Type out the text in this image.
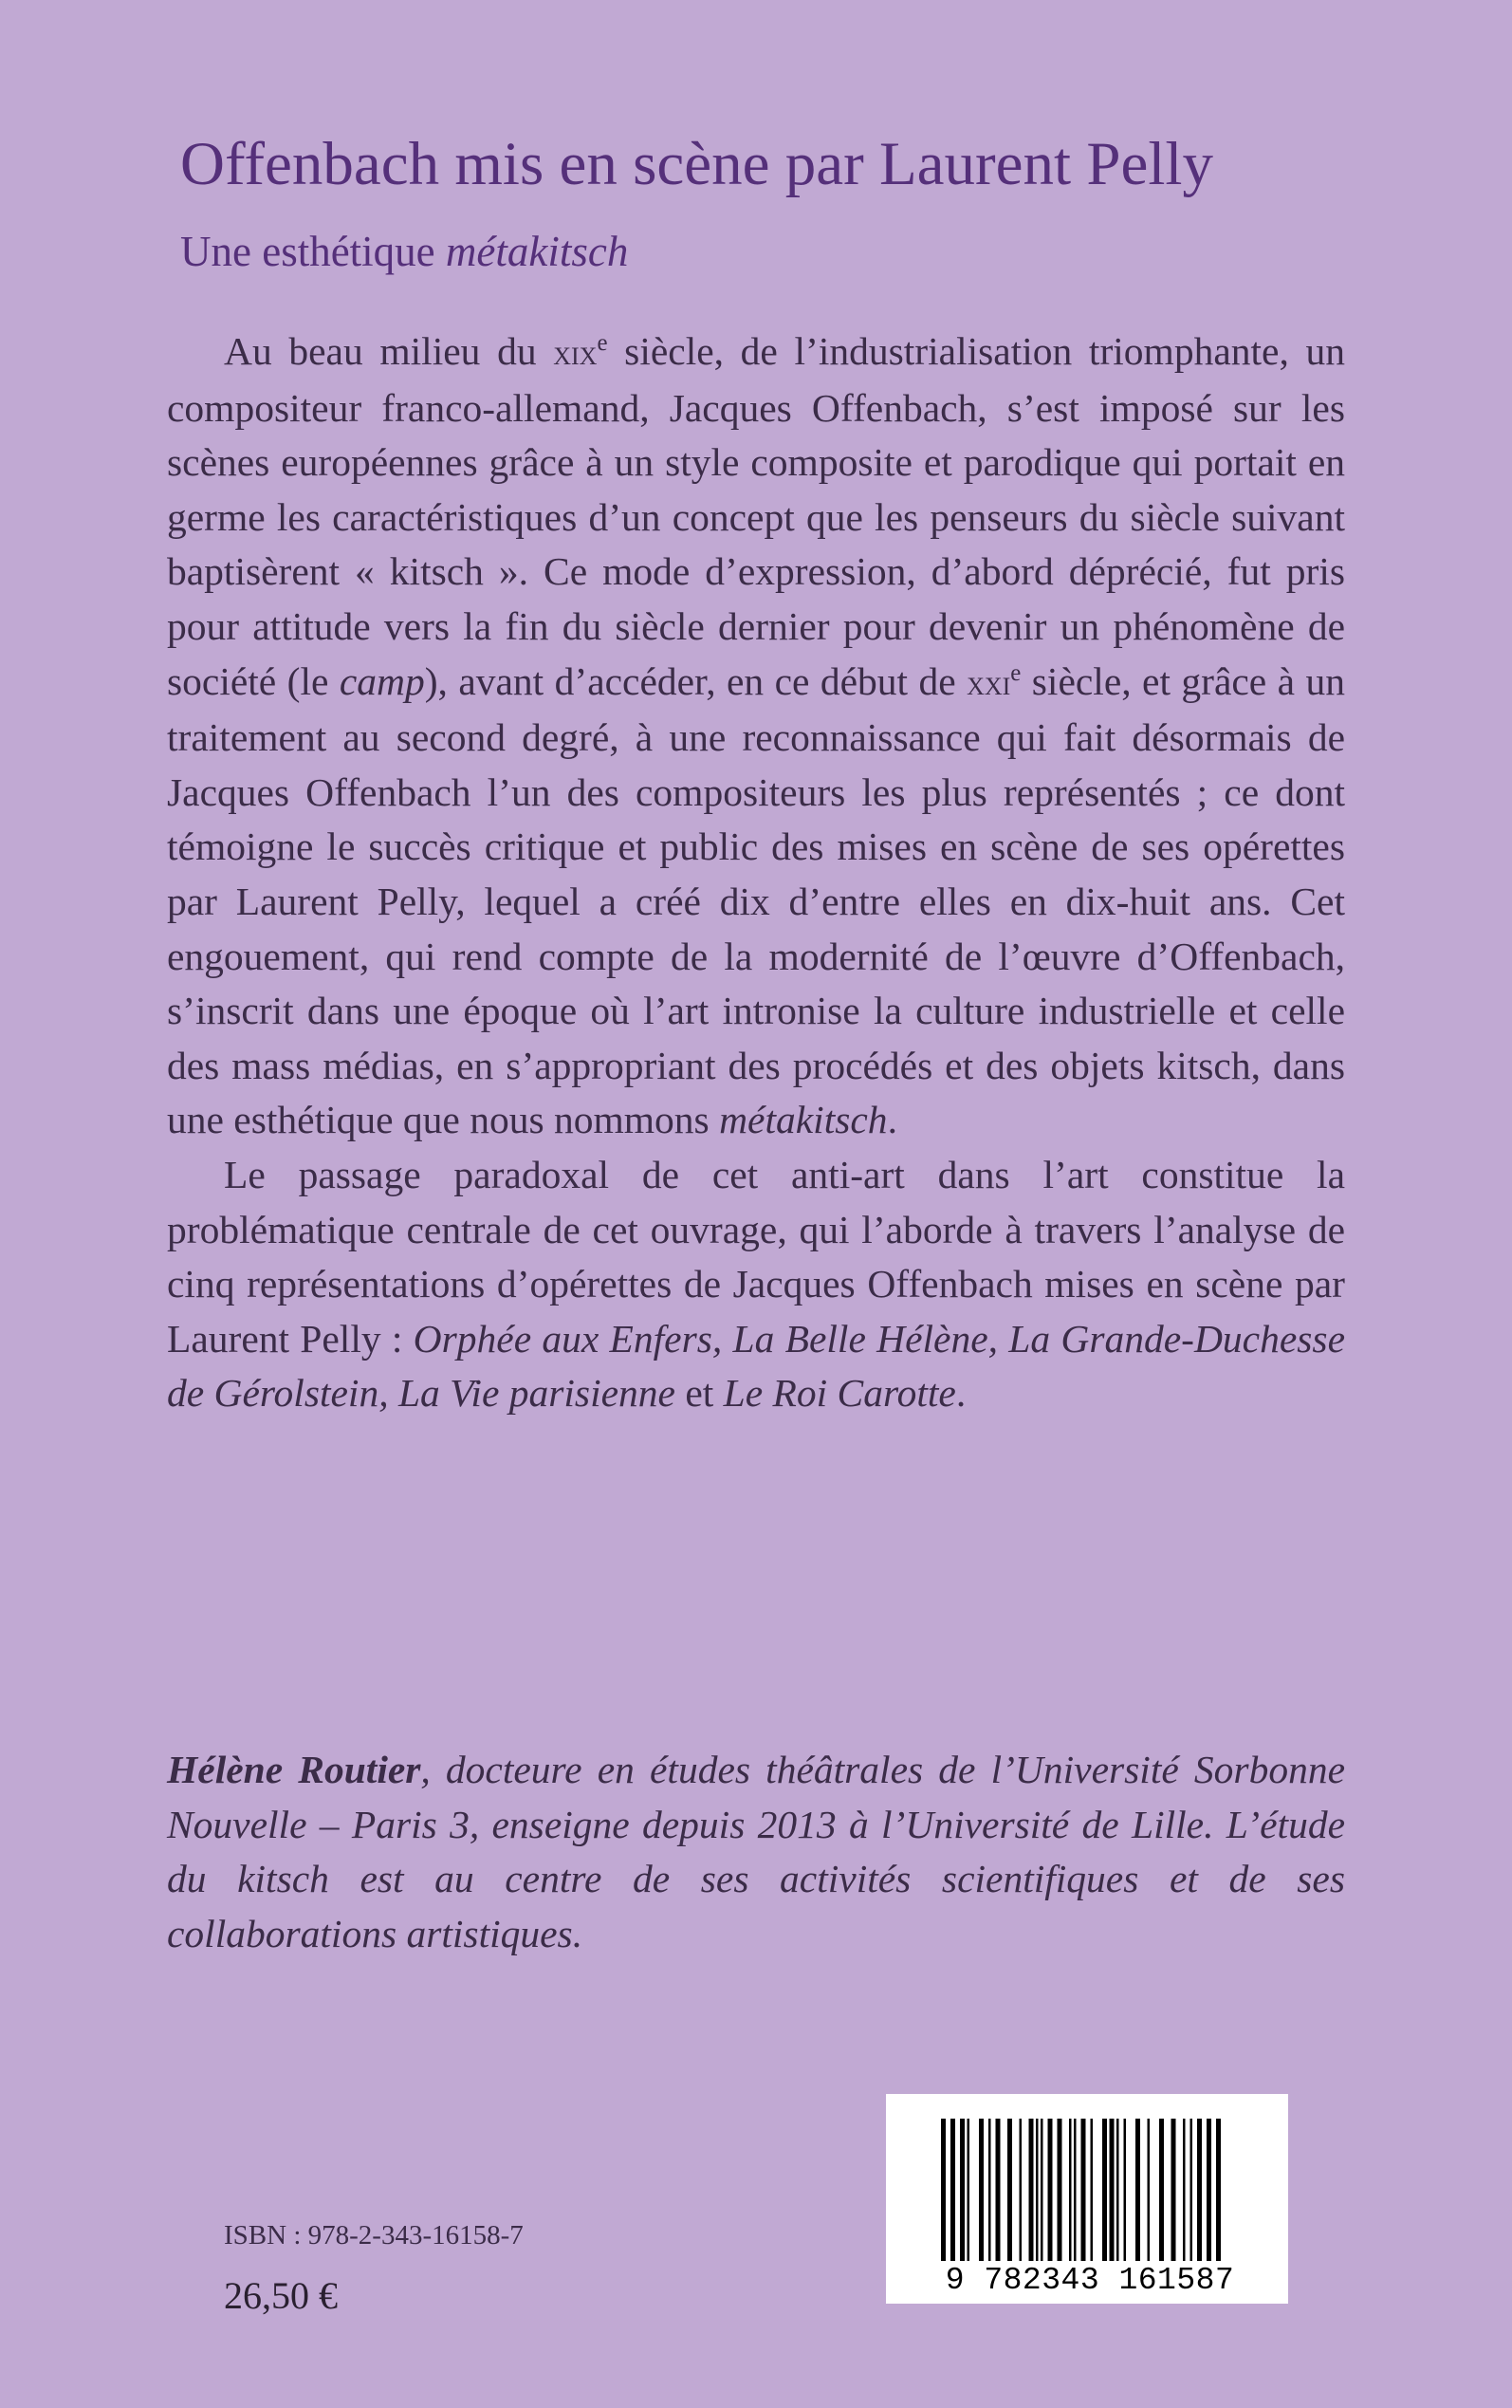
Offenbach mis en scène par Laurent Pelly
Une esthétique métakitsch

Au beau milieu du xix$^e$ siècle, de l’industrialisation triomphante, un compositeur franco-allemand, Jacques Offenbach, s’est imposé sur les scènes européennes grâce à un style composite et parodique qui portait en germe les caractéristiques d’un concept que les penseurs du siècle suivant baptisèrent « kitsch ». Ce mode d’expression, d’abord déprécié, fut pris pour attitude vers la fin du siècle dernier pour devenir un phénomène de société (le camp), avant d’accéder, en ce début de xxi$^e$ siècle, et grâce à un traitement au second degré, à une reconnaissance qui fait désormais de Jacques Offenbach l’un des compositeurs les plus représentés ; ce dont témoigne le succès critique et public des mises en scène de ses opérettes par Laurent Pelly, lequel a créé dix d’entre elles en dix-huit ans. Cet engouement, qui rend compte de la modernité de l’œuvre d’Offenbach, s’inscrit dans une époque où l’art intronise la culture industrielle et celle des mass médias, en s’appropriant des procédés et des objets kitsch, dans une esthétique que nous nommons métakitsch.

Le passage paradoxal de cet anti-art dans l’art constitue la problématique centrale de cet ouvrage, qui l’aborde à travers l’analyse de cinq représentations d’opérettes de Jacques Offenbach mises en scène par Laurent Pelly : Orphée aux Enfers, La Belle Hélène, La Grande-Duchesse de Gérolstein, La Vie parisienne et Le Roi Carotte.

Hélène Routier, docteure en études théâtrales de l’Université Sorbonne Nouvelle – Paris 3, enseigne depuis 2013 à l’Université de Lille. L’étude du kitsch est au centre de ses activités scientifiques et de ses collaborations artistiques.

ISBN : 978-2-343-16158-7
26,50 €	9 782343 161587
